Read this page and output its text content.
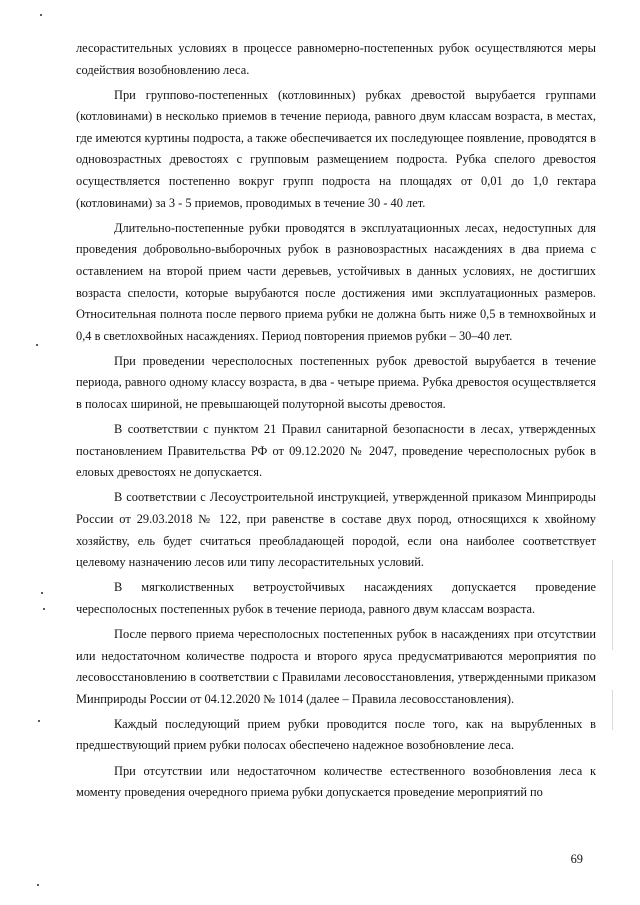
лесорастительных условиях в процессе равномерно-постепенных рубок осуществляются меры содействия возобновлению леса.

При группово-постепенных (котловинных) рубках древостой вырубается группами (котловинами) в несколько приемов в течение периода, равного двум классам возраста, в местах, где имеются куртины подроста, а также обеспечивается их последующее появление, проводятся в одновозрастных древостоях с групповым размещением подроста. Рубка спелого древостоя осуществляется постепенно вокруг групп подроста на площадях от 0,01 до 1,0 гектара (котловинами) за 3 - 5 приемов, проводимых в течение 30 - 40 лет.

Длительно-постепенные рубки проводятся в эксплуатационных лесах, недоступных для проведения добровольно-выборочных рубок в разновозрастных насаждениях в два приема с оставлением на второй прием части деревьев, устойчивых в данных условиях, не достигших возраста спелости, которые вырубаются после достижения ими эксплуатационных размеров. Относительная полнота после первого приема рубки не должна быть ниже 0,5 в темнохвойных и 0,4 в светлохвойных насаждениях. Период повторения приемов рубки – 30–40 лет.

При проведении чересполосных постепенных рубок древостой вырубается в течение периода, равного одному классу возраста, в два - четыре приема. Рубка древостоя осуществляется в полосах шириной, не превышающей полуторной высоты древостоя.

В соответствии с пунктом 21 Правил санитарной безопасности в лесах, утвержденных постановлением Правительства РФ от 09.12.2020 № 2047, проведение чересполосных рубок в еловых древостоях не допускается.

В соответствии с Лесоустроительной инструкцией, утвержденной приказом Минприроды России от 29.03.2018 № 122, при равенстве в составе двух пород, относящихся к хвойному хозяйству, ель будет считаться преобладающей породой, если она наиболее соответствует целевому назначению лесов или типу лесорастительных условий.

В мягколиственных ветроустойчивых насаждениях допускается проведение чересполосных постепенных рубок в течение периода, равного двум классам возраста.

После первого приема чересполосных постепенных рубок в насаждениях при отсутствии или недостаточном количестве подроста и второго яруса предусматриваются мероприятия по лесовосстановлению в соответствии с Правилами лесовосстановления, утвержденными приказом Минприроды России от 04.12.2020 № 1014 (далее – Правила лесовосстановления).

Каждый последующий прием рубки проводится после того, как на вырубленных в предшествующий прием рубки полосах обеспечено надежное возобновление леса.

При отсутствии или недостаточном количестве естественного возобновления леса к моменту проведения очередного приема рубки допускается проведение мероприятий по

69
